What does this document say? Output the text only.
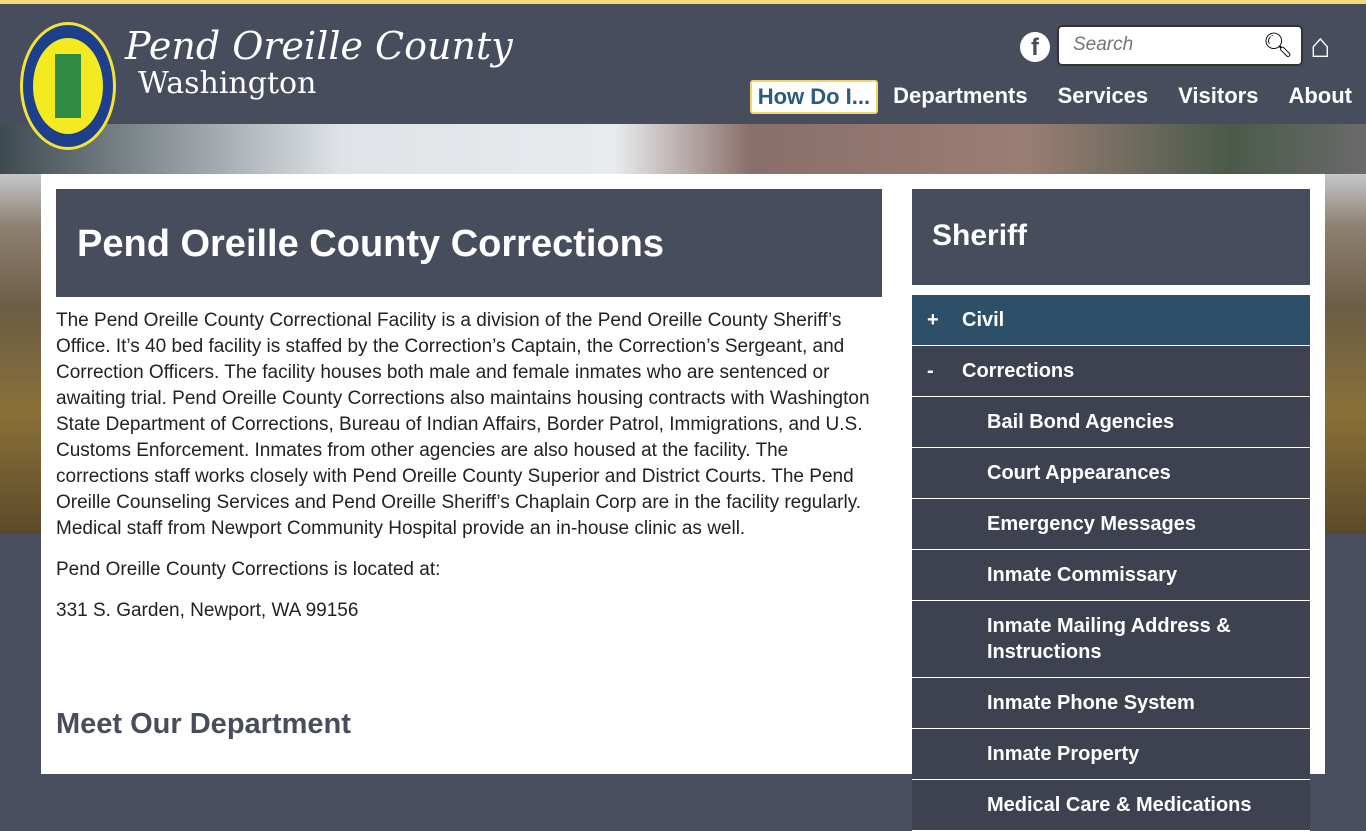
Pend Oreille County
Washington
f
Search	🔍︎ ⌂
How Do I...	Departments	Services	Visitors	About
Pend Oreille County Corrections

The Pend Oreille County Correctional Facility is a division of the Pend Oreille County Sheriff’s Office. It’s 40 bed facility is staffed by the Correction’s Captain, the Correction’s Sergeant, and Correction Officers. The facility houses both male and female inmates who are sentenced or awaiting trial. Pend Oreille County Corrections also maintains housing contracts with Washington State Department of Corrections, Bureau of Indian Affairs, Border Patrol, Immigrations, and U.S. Customs Enforcement. Inmates from other agencies are also housed at the facility. The corrections staff works closely with Pend Oreille County Superior and District Courts. The Pend Oreille Counseling Services and Pend Oreille Sheriff’s Chaplain Corp are in the facility regularly. Medical staff from Newport Community Hospital provide an in-house clinic as well.

Pend Oreille County Corrections is located at:

331 S. Garden, Newport, WA 99156

Meet Our Department
Sheriff
+ Civil
- Corrections
Bail Bond Agencies
Court Appearances
Emergency Messages
Inmate Commissary
Inmate Mailing Address & Instructions
Inmate Phone System
Inmate Property
Medical Care & Medications
